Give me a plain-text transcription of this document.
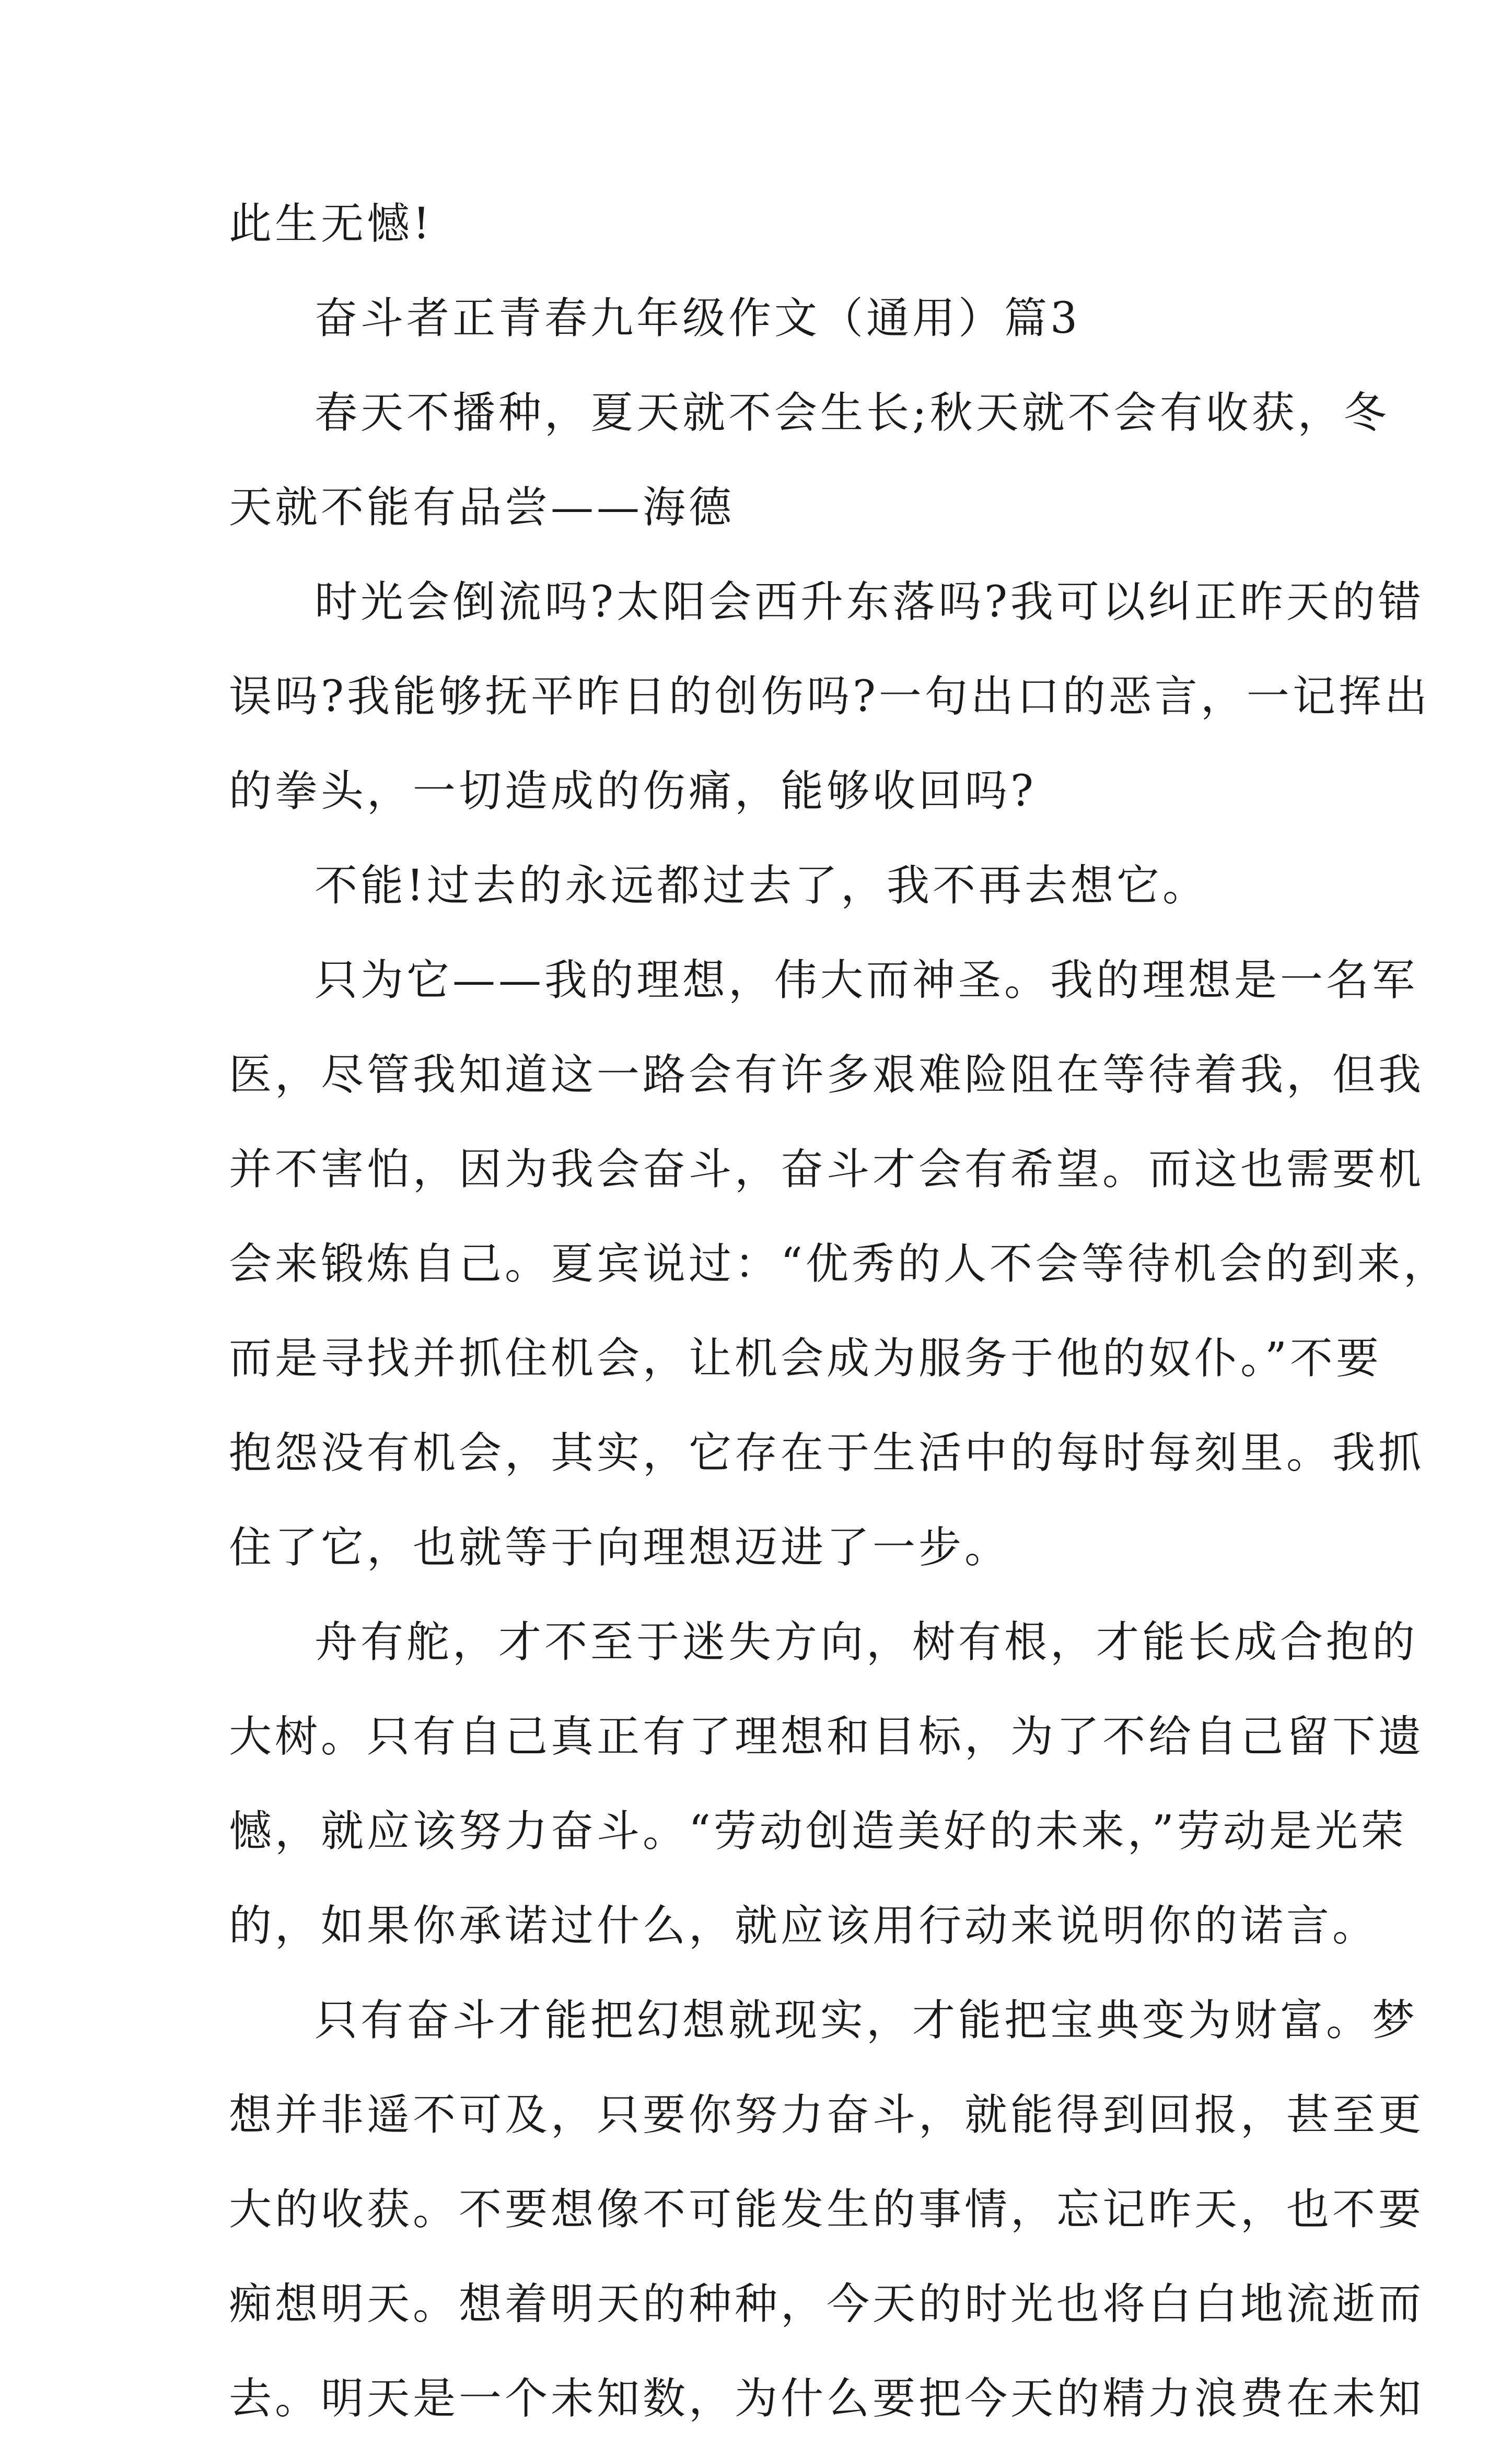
此生无憾!
奋斗者正青春九年级作文（通用）篇3
春天不播种，夏天就不会生长;秋天就不会有收获，冬
天就不能有品尝——海德
时光会倒流吗?太阳会西升东落吗?我可以纠正昨天的错
误吗?我能够抚平昨日的创伤吗?一句出口的恶言，一记挥出
的拳头，一切造成的伤痛，能够收回吗?
不能!过去的永远都过去了，我不再去想它。
只为它——我的理想，伟大而神圣。我的理想是一名军
医，尽管我知道这一路会有许多艰难险阻在等待着我，但我
并不害怕，因为我会奋斗，奋斗才会有希望。而这也需要机
会来锻炼自己。夏宾说过：“优秀的人不会等待机会的到来，
而是寻找并抓住机会，让机会成为服务于他的奴仆。”不要
抱怨没有机会，其实，它存在于生活中的每时每刻里。我抓
住了它，也就等于向理想迈进了一步。
舟有舵，才不至于迷失方向，树有根，才能长成合抱的
大树。只有自己真正有了理想和目标，为了不给自己留下遗
憾，就应该努力奋斗。“劳动创造美好的未来，”劳动是光荣
的，如果你承诺过什么，就应该用行动来说明你的诺言。
只有奋斗才能把幻想就现实，才能把宝典变为财富。梦
想并非遥不可及，只要你努力奋斗，就能得到回报，甚至更
大的收获。不要想像不可能发生的事情，忘记昨天，也不要
痴想明天。想着明天的种种，今天的时光也将白白地流逝而
去。明天是一个未知数，为什么要把今天的精力浪费在未知
